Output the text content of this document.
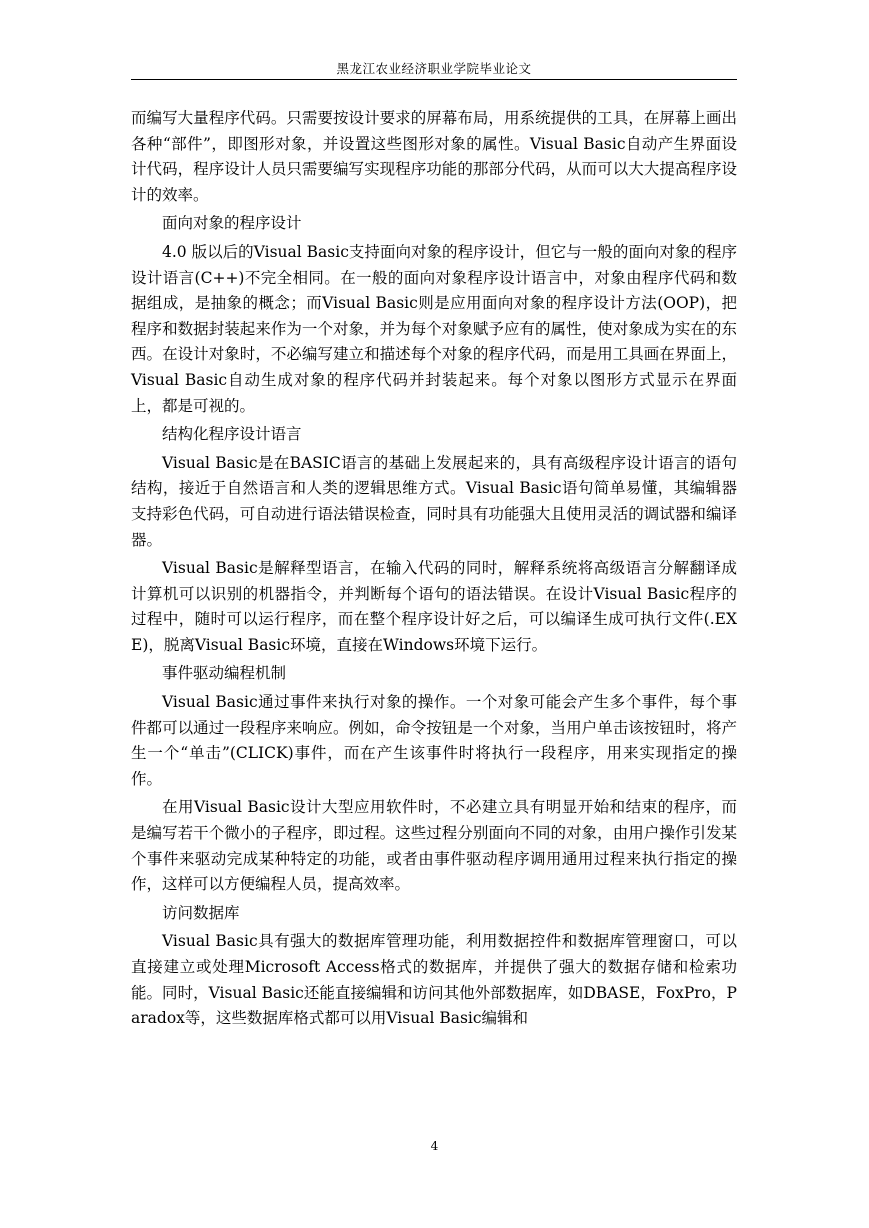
黑龙江农业经济职业学院毕业论文

而编写大量程序代码。只需要按设计要求的屏幕布局，用系统提供的工具，在屏幕上画出各种“部件”，即图形对象，并设置这些图形对象的属性。Visual Basic自动产生界面设计代码，程序设计人员只需要编写实现程序功能的那部分代码，从而可以大大提高程序设计的效率。

面向对象的程序设计

4.0 版以后的Visual Basic支持面向对象的程序设计，但它与一般的面向对象的程序设计语言(C++)不完全相同。在一般的面向对象程序设计语言中，对象由程序代码和数据组成，是抽象的概念；而Visual Basic则是应用面向对象的程序设计方法(OOP)，把程序和数据封装起来作为一个对象，并为每个对象赋予应有的属性，使对象成为实在的东西。在设计对象时，不必编写建立和描述每个对象的程序代码，而是用工具画在界面上，Visual Basic自动生成对象的程序代码并封装起来。每个对象以图形方式显示在界面上，都是可视的。

结构化程序设计语言

Visual Basic是在BASIC语言的基础上发展起来的，具有高级程序设计语言的语句结构，接近于自然语言和人类的逻辑思维方式。Visual Basic语句简单易懂，其编辑器支持彩色代码，可自动进行语法错误检查，同时具有功能强大且使用灵活的调试器和编译器。

Visual Basic是解释型语言，在输入代码的同时，解释系统将高级语言分解翻译成计算机可以识别的机器指令，并判断每个语句的语法错误。在设计Visual Basic程序的过程中，随时可以运行程序，而在整个程序设计好之后，可以编译生成可执行文件(.EXE)，脱离Visual Basic环境，直接在Windows环境下运行。

事件驱动编程机制

Visual Basic通过事件来执行对象的操作。一个对象可能会产生多个事件，每个事件都可以通过一段程序来响应。例如，命令按钮是一个对象，当用户单击该按钮时，将产生一个“单击”(CLICK)事件，而在产生该事件时将执行一段程序，用来实现指定的操作。

在用Visual Basic设计大型应用软件时，不必建立具有明显开始和结束的程序，而是编写若干个微小的子程序，即过程。这些过程分别面向不同的对象，由用户操作引发某个事件来驱动完成某种特定的功能，或者由事件驱动程序调用通用过程来执行指定的操作，这样可以方便编程人员，提高效率。

访问数据库

Visual Basic具有强大的数据库管理功能，利用数据控件和数据库管理窗口，可以直接建立或处理Microsoft Access格式的数据库，并提供了强大的数据存储和检索功能。同时，Visual Basic还能直接编辑和访问其他外部数据库，如DBASE，FoxPro，Paradox等，这些数据库格式都可以用Visual Basic编辑和

4
